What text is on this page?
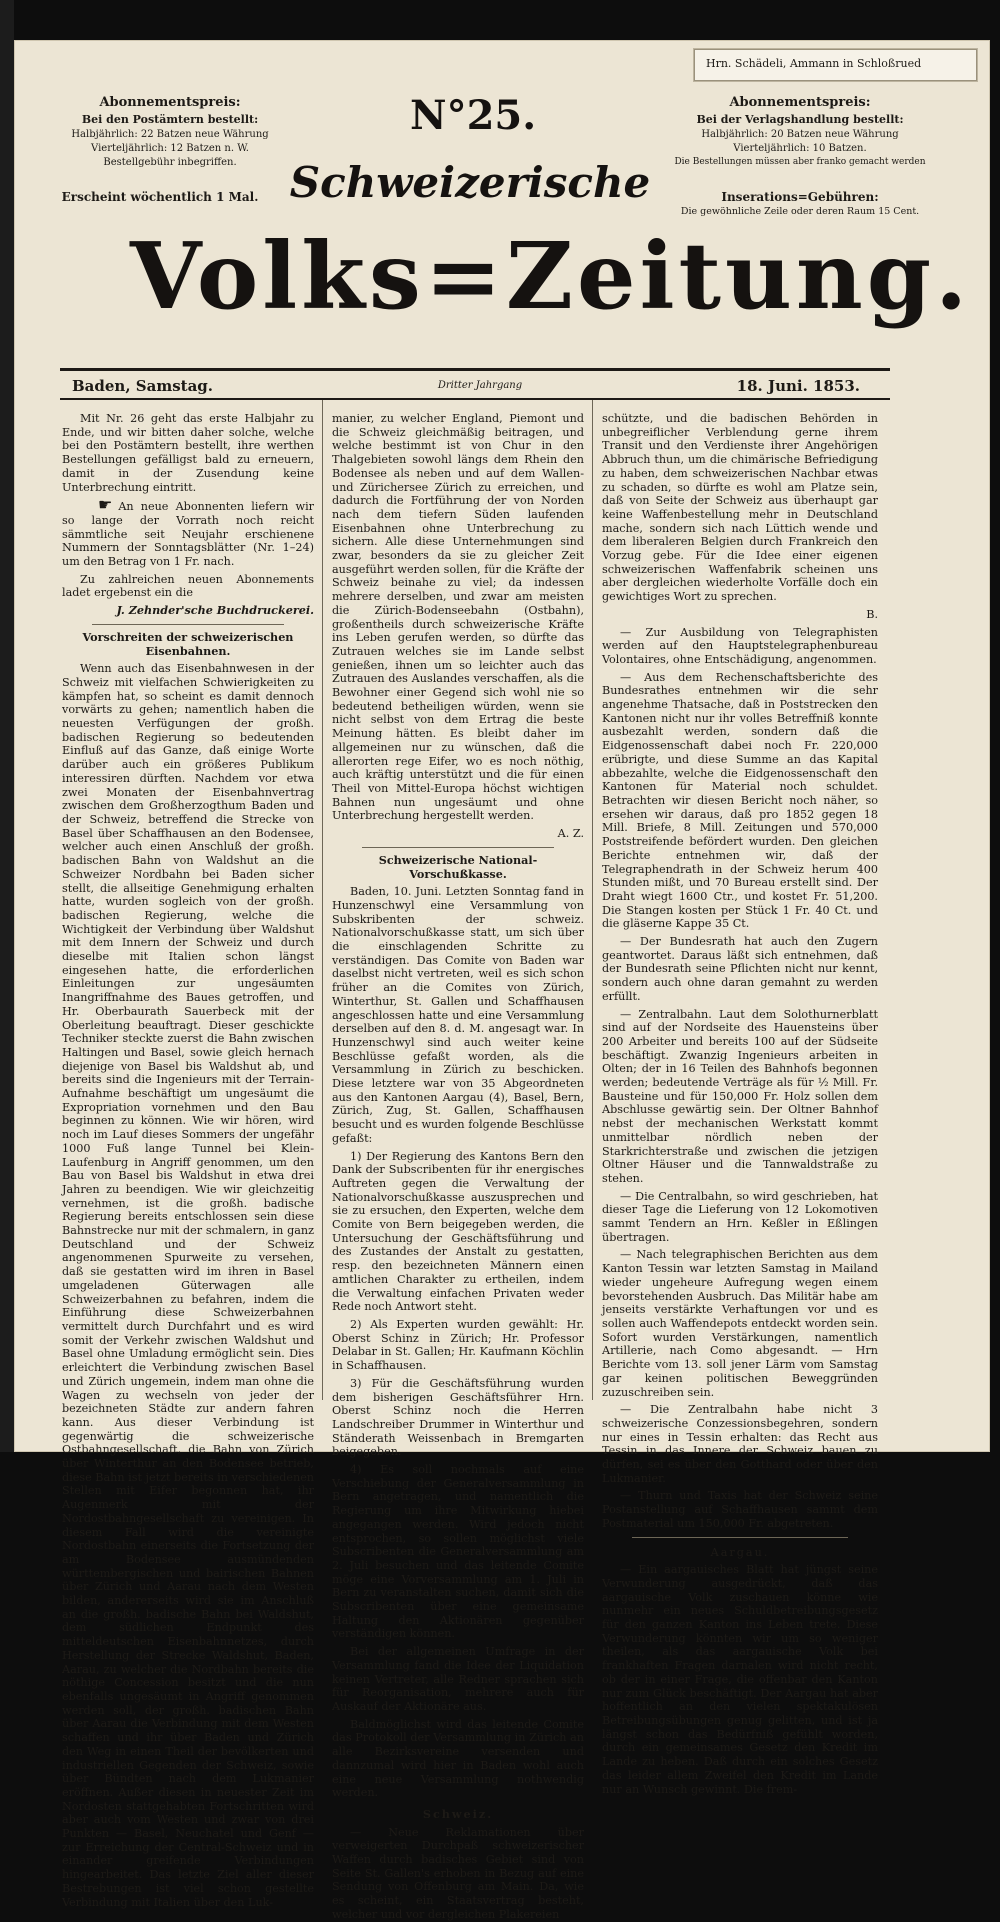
Hrn. Schädeli, Ammann in Schloßrued
Abonnementspreis:
Bei den Postämtern bestellt:
Halbjährlich: 22 Batzen neue Währung
Vierteljährlich: 12 Batzen n. W.
Bestellgebühr inbegriffen.
Erscheint wöchentlich 1 Mal.
N°25.
Schweizerische
Volks=Zeitung.
Abonnementspreis:
Bei der Verlagshandlung bestellt:
Halbjährlich: 20 Batzen neue Währung
Vierteljährlich: 10 Batzen.
Die Bestellungen müssen aber franko gemacht werden
Inserations=Gebühren:
Die gewöhnliche Zeile oder deren Raum 15 Cent.
Baden, Samstag.	Dritter Jahrgang	18. Juni. 1853.

Mit Nr. 26 geht das erste Halbjahr zu Ende, und wir bitten daher solche, welche bei den Postämtern bestellt, ihre werthen Bestellungen gefälligst bald zu erneuern, damit in der Zusendung keine Unterbrechung eintritt.

☛ An neue Abonnenten liefern wir so lange der Vorrath noch reicht sämmtliche seit Neujahr erschienene Nummern der Sonntagsblätter (Nr. 1–24) um den Betrag von 1 Fr. nach.

Zu zahlreichen neuen Abonnements ladet ergebenst ein die

J. Zehnder'sche Buchdruckerei.

Vorschreiten der schweizerischen Eisenbahnen.

Wenn auch das Eisenbahnwesen in der Schweiz mit vielfachen Schwierigkeiten zu kämpfen hat, so scheint es damit dennoch vorwärts zu gehen; namentlich haben die neuesten Verfügungen der großh. badischen Regierung so bedeutenden Einfluß auf das Ganze, daß einige Worte darüber auch ein größeres Publikum interessiren dürften. Nachdem vor etwa zwei Monaten der Eisenbahnvertrag zwischen dem Großherzogthum Baden und der Schweiz, betreffend die Strecke von Basel über Schaffhausen an den Bodensee, welcher auch einen Anschluß der großh. badischen Bahn von Waldshut an die Schweizer Nordbahn bei Baden sicher stellt, die allseitige Genehmigung erhalten hatte, wurden sogleich von der großh. badischen Regierung, welche die Wichtigkeit der Verbindung über Waldshut mit dem Innern der Schweiz und durch dieselbe mit Italien schon längst eingesehen hatte, die erforderlichen Einleitungen zur ungesäumten Inangriffnahme des Baues getroffen, und Hr. Oberbaurath Sauerbeck mit der Oberleitung beauftragt. Dieser geschickte Techniker steckte zuerst die Bahn zwischen Haltingen und Basel, sowie gleich hernach diejenige von Basel bis Waldshut ab, und bereits sind die Ingenieurs mit der Terrain-Aufnahme beschäftigt um ungesäumt die Expropriation vornehmen und den Bau beginnen zu können. Wie wir hören, wird noch im Lauf dieses Sommers der ungefähr 1000 Fuß lange Tunnel bei Klein-Laufenburg in Angriff genommen, um den Bau von Basel bis Waldshut in etwa drei Jahren zu beendigen. Wie wir gleichzeitig vernehmen, ist die großh. badische Regierung bereits entschlossen sein diese Bahnstrecke nur mit der schmalern, in ganz Deutschland und der Schweiz angenommenen Spurweite zu versehen, daß sie gestatten wird im ihren in Basel umgeladenen Güterwagen alle Schweizerbahnen zu befahren, indem die Einführung diese Schweizerbahnen vermittelt durch Durchfahrt und es wird somit der Verkehr zwischen Waldshut und Basel ohne Umladung ermöglicht sein. Dies erleichtert die Verbindung zwischen Basel und Zürich ungemein, indem man ohne die Wagen zu wechseln von jeder der bezeichneten Städte zur andern fahren kann. Aus dieser Verbindung ist gegenwärtig die schweizerische Ostbahngesellschaft, die Bahn von Zürich über Winterthur an den Bodensee betrieb, diese Bahn ist jetzt bereits in verschiedenen Stellen mit Eifer begonnen hat, ihr Augenmerk mit der Nordostbahngesellschaft zu vereinigen. In diesem Fall wird die vereinigte Nordostbahn einerseits die Fortsetzung der am Bodensee ausmündenden württembergischen und bairischen Bahnen über Zürich und Aarau nach dem Westen bilden, andererseits wird sie im Anschluß an die großh. badische Bahn bei Waldshut, dem südlichen Endpunkt des mitteldeutschen Eisenbahnnetzes, durch Herstellung der Strecke Waldshut, Baden, Aarau, zu welcher die Nordbahn bereits die nöthige Concession besitzt und die nun ebenfalls ungesäumt in Angriff genommen werden soll, der großh. badischen Bahn über Aarau die Verbindung mit dem Westen schaffen und ihr über Baden und Zürich den Weg in einen Theil der bevölkerten und industriellen Gegenden der Schweiz, sowie über Bündten nach dem Lukmanier eröffnen. Außer diesen in neuester Zeit im Nordosten stattgehabten Fortschritten wird aber auch vom Westen und zwar von drei Punkten — Basel, Neuchatel und Genf — zur Erreichung der Central-Schweiz und in einander greifende Verbindungen hingearbeitet. Das letzte Ziel aller dieser Bestrebungen ist viel schon gestellte Verbindung mit Italien über den Luk-

manier, zu welcher England, Piemont und die Schweiz gleichmäßig beitragen, und welche bestimmt ist von Chur in den Thalgebieten sowohl längs dem Rhein den Bodensee als neben und auf dem Wallen- und Zürichersee Zürich zu erreichen, und dadurch die Fortführung der von Norden nach dem tiefern Süden laufenden Eisenbahnen ohne Unterbrechung zu sichern. Alle diese Unternehmungen sind zwar, besonders da sie zu gleicher Zeit ausgeführt werden sollen, für die Kräfte der Schweiz beinahe zu viel; da indessen mehrere derselben, und zwar am meisten die Zürich-Bodenseebahn (Ostbahn), großentheils durch schweizerische Kräfte ins Leben gerufen werden, so dürfte das Zutrauen welches sie im Lande selbst genießen, ihnen um so leichter auch das Zutrauen des Auslandes verschaffen, als die Bewohner einer Gegend sich wohl nie so bedeutend betheiligen würden, wenn sie nicht selbst von dem Ertrag die beste Meinung hätten. Es bleibt daher im allgemeinen nur zu wünschen, daß die allerorten rege Eifer, wo es noch nöthig, auch kräftig unterstützt und die für einen Theil von Mittel-Europa höchst wichtigen Bahnen nun ungesäumt und ohne Unterbrechung hergestellt werden.

A. Z.

Schweizerische National-Vorschußkasse.

Baden, 10. Juni. Letzten Sonntag fand in Hunzenschwyl eine Versammlung von Subskribenten der schweiz. Nationalvorschußkasse statt, um sich über die einschlagenden Schritte zu verständigen. Das Comite von Baden war daselbst nicht vertreten, weil es sich schon früher an die Comites von Zürich, Winterthur, St. Gallen und Schaffhausen angeschlossen hatte und eine Versammlung derselben auf den 8. d. M. angesagt war. In Hunzenschwyl sind auch weiter keine Beschlüsse gefaßt worden, als die Versammlung in Zürich zu beschicken. Diese letztere war von 35 Abgeordneten aus den Kantonen Aargau (4), Basel, Bern, Zürich, Zug, St. Gallen, Schaffhausen besucht und es wurden folgende Beschlüsse gefaßt:

1) Der Regierung des Kantons Bern den Dank der Subscribenten für ihr energisches Auftreten gegen die Verwaltung der Nationalvorschußkasse auszusprechen und sie zu ersuchen, den Experten, welche dem Comite von Bern beigegeben werden, die Untersuchung der Geschäftsführung und des Zustandes der Anstalt zu gestatten, resp. den bezeichneten Männern einen amtlichen Charakter zu ertheilen, indem die Verwaltung einfachen Privaten weder Rede noch Antwort steht.

2) Als Experten wurden gewählt: Hr. Oberst Schinz in Zürich; Hr. Professor Delabar in St. Gallen; Hr. Kaufmann Köchlin in Schaffhausen.

3) Für die Geschäftsführung wurden dem bisherigen Geschäftsführer Hrn. Oberst Schinz noch die Herren Landschreiber Drummer in Winterthur und Ständerath Weissenbach in Bremgarten beigegeben.

4) Es soll nochmals auf eine Verschiebung der Generalversammlung in Bern angetragen, und namentlich die Regierung um ihre Mitwirkung hiebei angegangen werden. Wird jedoch nicht entsprochen, so sollen möglichst viele Subscribenten die Generalversammlung am 2. Juli besuchen und das leitende Comite möge eine Vorversammlung am 1. Juli in Bern zu veranstalten suchen, damit sich die Subscribenten über eine gemeinsame Haltung den Aktionären gegenüber verständigen können.

Bei der allgemeinen Umfrage in der Versammlung fand die Idee der Liquidation keinen Vertreter, alle Redner sprachen sich für Reorganisation, mehrere auch für Auskauf der Aktionäre aus.

Baldmöglichst wird das leitende Comite das Protokoll der Versammlung in Zürich an alle Bezirksvereine versenden und dannzumal wird hier in Baden wohl auch eine neue Versammlung nothwendig werden.

Schweiz.

— Neue Reklamationen über verweigerten Durchpaß schweizerischer Waffen durch badisches Gebiet sind von Seite St. Gallen's erhoben in Bezug auf eine Sendung von Offenburg am Main. Da, wie es scheint, ein Staatsvertrag besteht, welcher und vor dergleichen Plakereien

schützte, und die badischen Behörden in unbegreiflicher Verblendung gerne ihrem Transit und den Verdienste ihrer Angehörigen Abbruch thun, um die chimärische Befriedigung zu haben, dem schweizerischen Nachbar etwas zu schaden, so dürfte es wohl am Platze sein, daß von Seite der Schweiz aus überhaupt gar keine Waffenbestellung mehr in Deutschland mache, sondern sich nach Lüttich wende und dem liberaleren Belgien durch Frankreich den Vorzug gebe. Für die Idee einer eigenen schweizerischen Waffenfabrik scheinen uns aber dergleichen wiederholte Vorfälle doch ein gewichtiges Wort zu sprechen.

B.

— Zur Ausbildung von Telegraphisten werden auf den Hauptstelegraphenbureau Volontaires, ohne Entschädigung, angenommen.

— Aus dem Rechenschaftsberichte des Bundesrathes entnehmen wir die sehr angenehme Thatsache, daß in Poststrecken den Kantonen nicht nur ihr volles Betreffniß konnte ausbezahlt werden, sondern daß die Eidgenossenschaft dabei noch Fr. 220,000 erübrigte, und diese Summe an das Kapital abbezahlte, welche die Eidgenossenschaft den Kantonen für Material noch schuldet. Betrachten wir diesen Bericht noch näher, so ersehen wir daraus, daß pro 1852 gegen 18 Mill. Briefe, 8 Mill. Zeitungen und 570,000 Poststreifende befördert wurden. Den gleichen Berichte entnehmen wir, daß der Telegraphendrath in der Schweiz herum 400 Stunden mißt, und 70 Bureau erstellt sind. Der Draht wiegt 1600 Ctr., und kostet Fr. 51,200. Die Stangen kosten per Stück 1 Fr. 40 Ct. und die gläserne Kappe 35 Ct.

— Der Bundesrath hat auch den Zugern geantwortet. Daraus läßt sich entnehmen, daß der Bundesrath seine Pflichten nicht nur kennt, sondern auch ohne daran gemahnt zu werden erfüllt.

— Zentralbahn. Laut dem Solothurnerblatt sind auf der Nordseite des Hauensteins über 200 Arbeiter und bereits 100 auf der Südseite beschäftigt. Zwanzig Ingenieurs arbeiten in Olten; der in 16 Teilen des Bahnhofs begonnen werden; bedeutende Verträge als für ½ Mill. Fr. Bausteine und für 150,000 Fr. Holz sollen dem Abschlusse gewärtig sein. Der Oltner Bahnhof nebst der mechanischen Werkstatt kommt unmittelbar nördlich neben der Starkrichterstraße und zwischen die jetzigen Oltner Häuser und die Tannwaldstraße zu stehen.

— Die Centralbahn, so wird geschrieben, hat dieser Tage die Lieferung von 12 Lokomotiven sammt Tendern an Hrn. Keßler in Eßlingen übertragen.

— Nach telegraphischen Berichten aus dem Kanton Tessin war letzten Samstag in Mailand wieder ungeheure Aufregung wegen einem bevorstehenden Ausbruch. Das Militär habe am jenseits verstärkte Verhaftungen vor und es sollen auch Waffendepots entdeckt worden sein. Sofort wurden Verstärkungen, namentlich Artillerie, nach Como abgesandt. — Hrn Berichte vom 13. soll jener Lärm vom Samstag gar keinen politischen Beweggründen zuzuschreiben sein.

— Die Zentralbahn habe nicht 3 schweizerische Conzessionsbegehren, sondern nur eines in Tessin erhalten: das Recht aus Tessin in das Innere der Schweiz bauen zu dürfen, sei es über den Gotthard oder über den Lukmanier.

— Thurn und Taxis hat der Schweiz seine Postanstellung auf Schaffhausen sammt dem Postmaterial um 150,000 Fr. abgetreten.

Aargau.

— Ein aargauisches Blatt hat jüngst seine Verwunderung ausgedrückt, daß das aargauische Volk zuschauen könne wie nunmehr ein neues Schuldbetreibungsgesetz für den ganzen Kanton ins Leben trete. Diese Verwunderung könnten wir um so weniger theilen, als das aargauische Volk bei frankhaften Fragen darnalen wird nicht recht, ob der in einer Frage, die offenbar den Kanton nur zum Glück beschäftigt. Der Aargau hat aber hoffentlich an den vielen spektakulösen Betreibungsübungen genug gelitten, und ist ja längst schon das Bedürfniß gefühlt worden, durch ein gemeinsames Gesetz den Kredit im Lande zu heben. Daß durch ein solches Gesetz das leider allem Zweifel den Kredit im Lande nur an Wunsch gewinnt. Die frem-
